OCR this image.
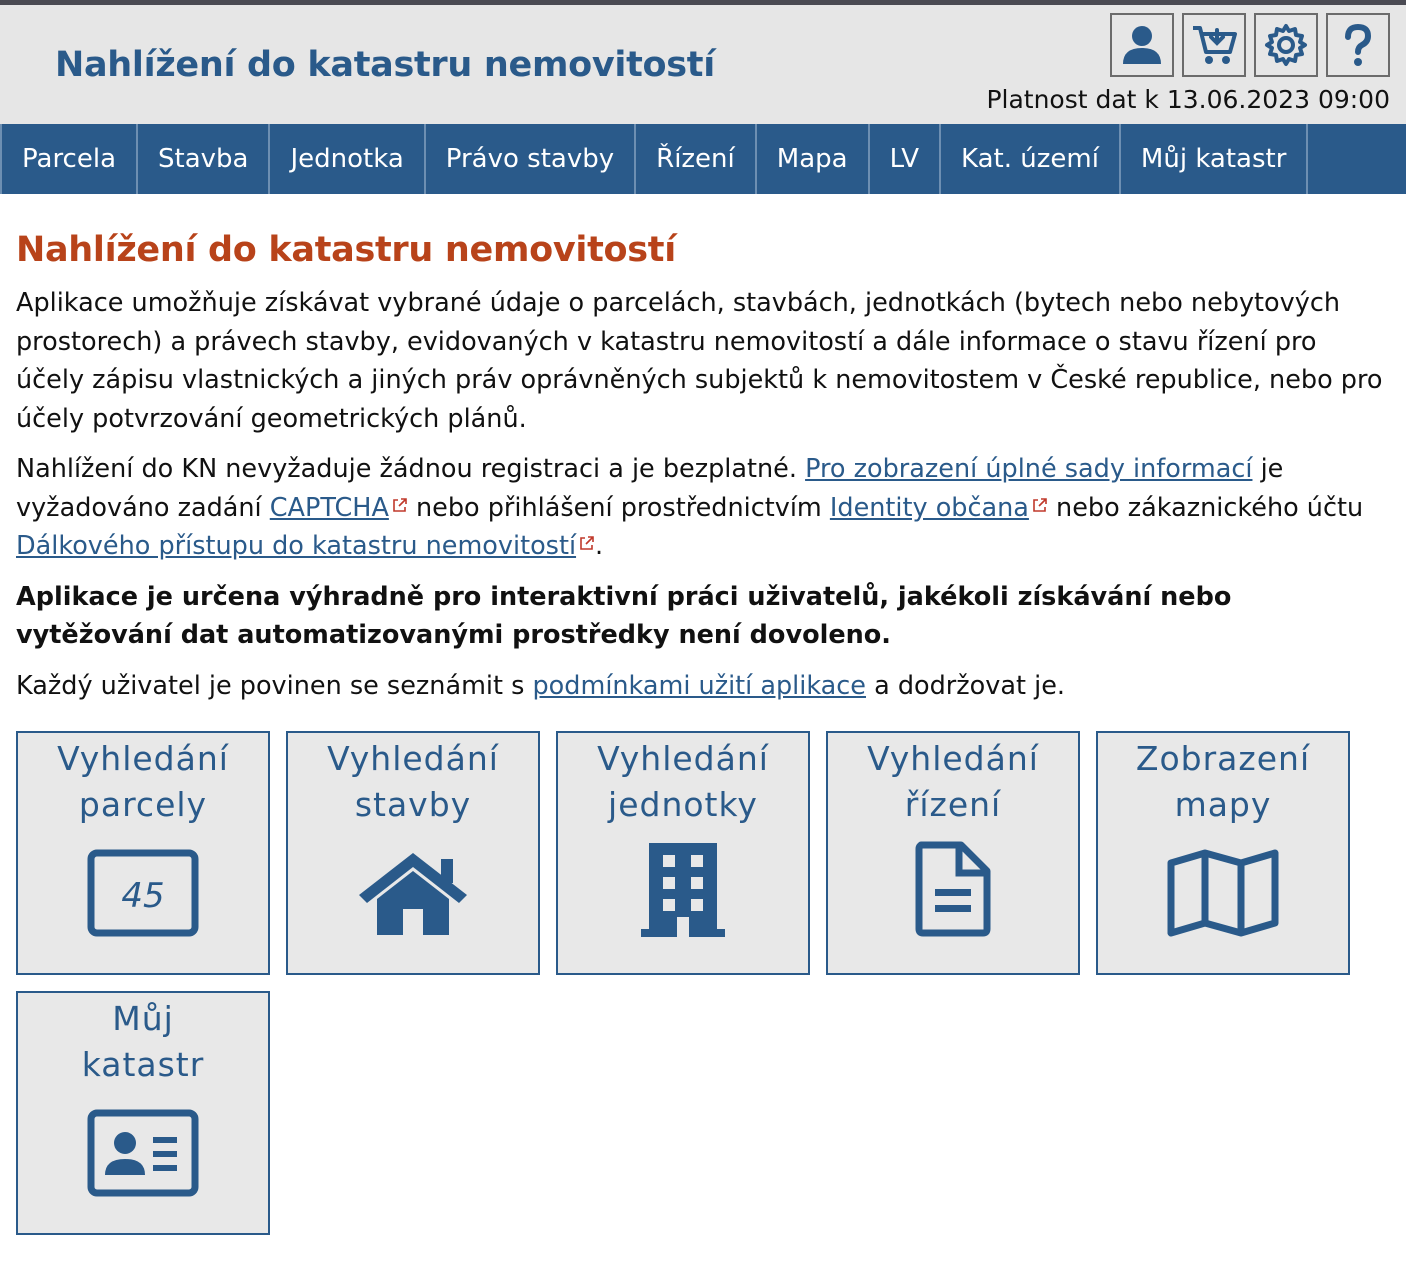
Nahlížení do katastru nemovitostí
Platnost dat k 13.06.2023 09:00
Parcela	Stavba	Jednotka	Právo stavby	Řízení	Mapa	LV	Kat. území	Můj katastr
Nahlížení do katastru nemovitostí

Aplikace umožňuje získávat vybrané údaje o parcelách, stavbách, jednotkách (bytech nebo nebytových prostorech) a právech stavby, evidovaných v katastru nemovitostí a dále informace o stavu řízení pro účely zápisu vlastnických a jiných práv oprávněných subjektů k nemovitostem v České republice, nebo pro účely potvrzování geometrických plánů.

Nahlížení do KN nevyžaduje žádnou registraci a je bezplatné. Pro zobrazení úplné sady informací je vyžadováno zadání CAPTCHA nebo přihlášení prostřednictvím Identity občana nebo zákaznického účtu Dálkového přístupu do katastru nemovitostí .

Aplikace je určena výhradně pro interaktivní práci uživatelů, jakékoli získávání nebo vytěžování dat automatizovanými prostředky není dovoleno.

Každý uživatel je povinen se seznámit s podmínkami užití aplikace a dodržovat je.

Vyhledání
parcely
45
Vyhledání
stavby
Vyhledání
jednotky
Vyhledání
řízení
Zobrazení
mapy
Můj
katastr
